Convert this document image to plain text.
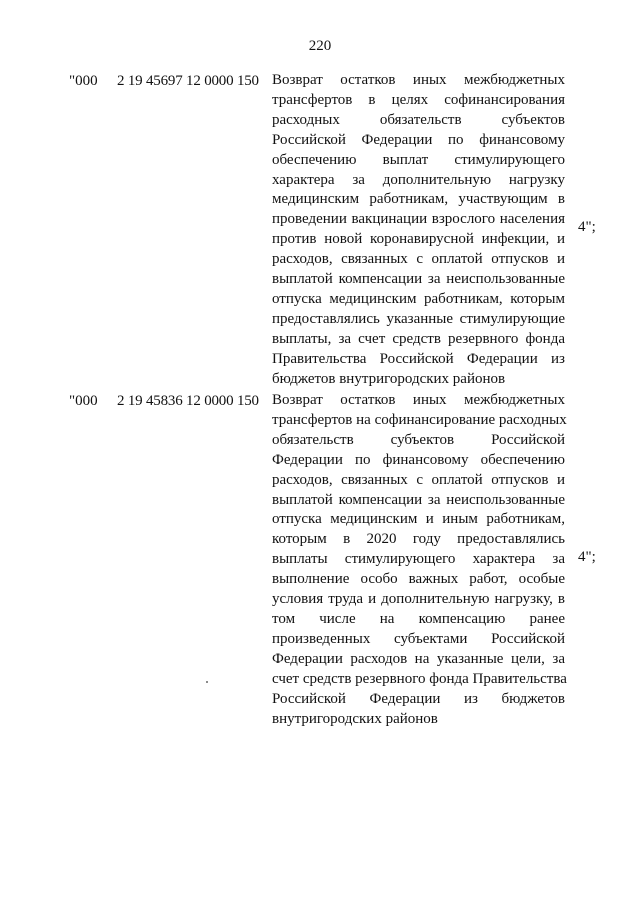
220
"000 2 19 45697 12 0000 150 Возврат остатков иных межбюджетных
трансфертов в целях софинансирования
расходных обязательств субъектов
Российской Федерации по финансовому
обеспечению выплат стимулирующего
характера за дополнительную нагрузку
медицинским работникам, участвующим в
проведении вакцинации взрослого населения
против новой коронавирусной инфекции, и
расходов, связанных с оплатой отпусков и
выплатой компенсации за неиспользованные
отпуска медицинским работникам, которым
предоставлялись указанные стимулирующие
выплаты, за счет средств резервного фонда
Правительства Российской Федерации из
бюджетов внутригородских районов
4";
"000 2 19 45836 12 0000 150 Возврат остатков иных межбюджетных
трансфертов на софинансирование расходных
обязательств субъектов Российской
Федерации по финансовому обеспечению
расходов, связанных с оплатой отпусков и
выплатой компенсации за неиспользованные
отпуска медицинским и иным работникам,
которым в 2020 году предоставлялись
выплаты стимулирующего характера за
выполнение особо важных работ, особые
условия труда и дополнительную нагрузку, в
том числе на компенсацию ранее
произведенных субъектами Российской
Федерации расходов на указанные цели, за
счет средств резервного фонда Правительства
Российской Федерации из бюджетов
внутригородских районов
4";
